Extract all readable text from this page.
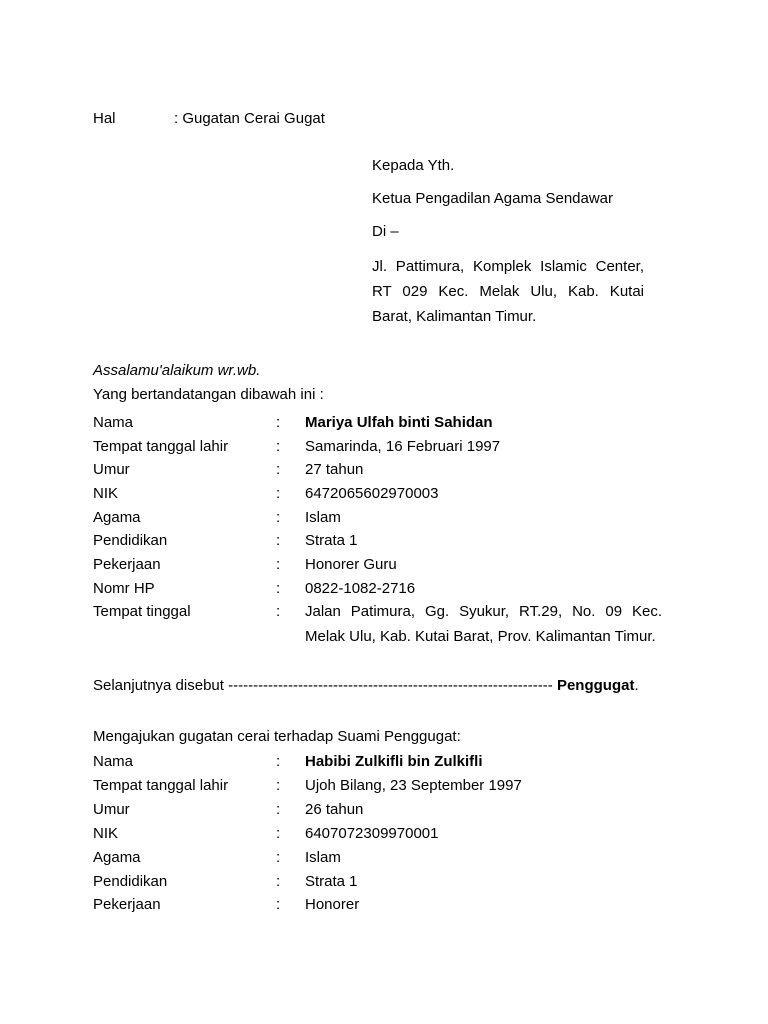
Hal	: Gugatan Cerai Gugat
Kepada Yth.
Ketua Pengadilan Agama Sendawar
Di –
Jl. Pattimura, Komplek Islamic Center, RT 029 Kec. Melak Ulu, Kab. Kutai Barat, Kalimantan Timur.
Assalamu'alaikum wr.wb.
Yang bertandatangan dibawah ini :
Nama	: Mariya Ulfah binti Sahidan
Tempat tanggal lahir	: Samarinda, 16 Februari 1997
Umur	: 27 tahun
NIK	: 6472065602970003
Agama	: Islam
Pendidikan	: Strata 1
Pekerjaan	: Honorer Guru
Nomr HP	: 0822-1082-2716
Tempat tinggal	: Jalan Patimura, Gg. Syukur, RT.29, No. 09 Kec. Melak Ulu, Kab. Kutai Barat, Prov. Kalimantan Timur.
Selanjutnya disebut ----------------------------------------------------------------- Penggugat.
Mengajukan gugatan cerai terhadap Suami Penggugat:
Nama	: Habibi Zulkifli bin Zulkifli
Tempat tanggal lahir	: Ujoh Bilang, 23 September 1997
Umur	: 26 tahun
NIK	: 6407072309970001
Agama	: Islam
Pendidikan	: Strata 1
Pekerjaan	: Honorer
